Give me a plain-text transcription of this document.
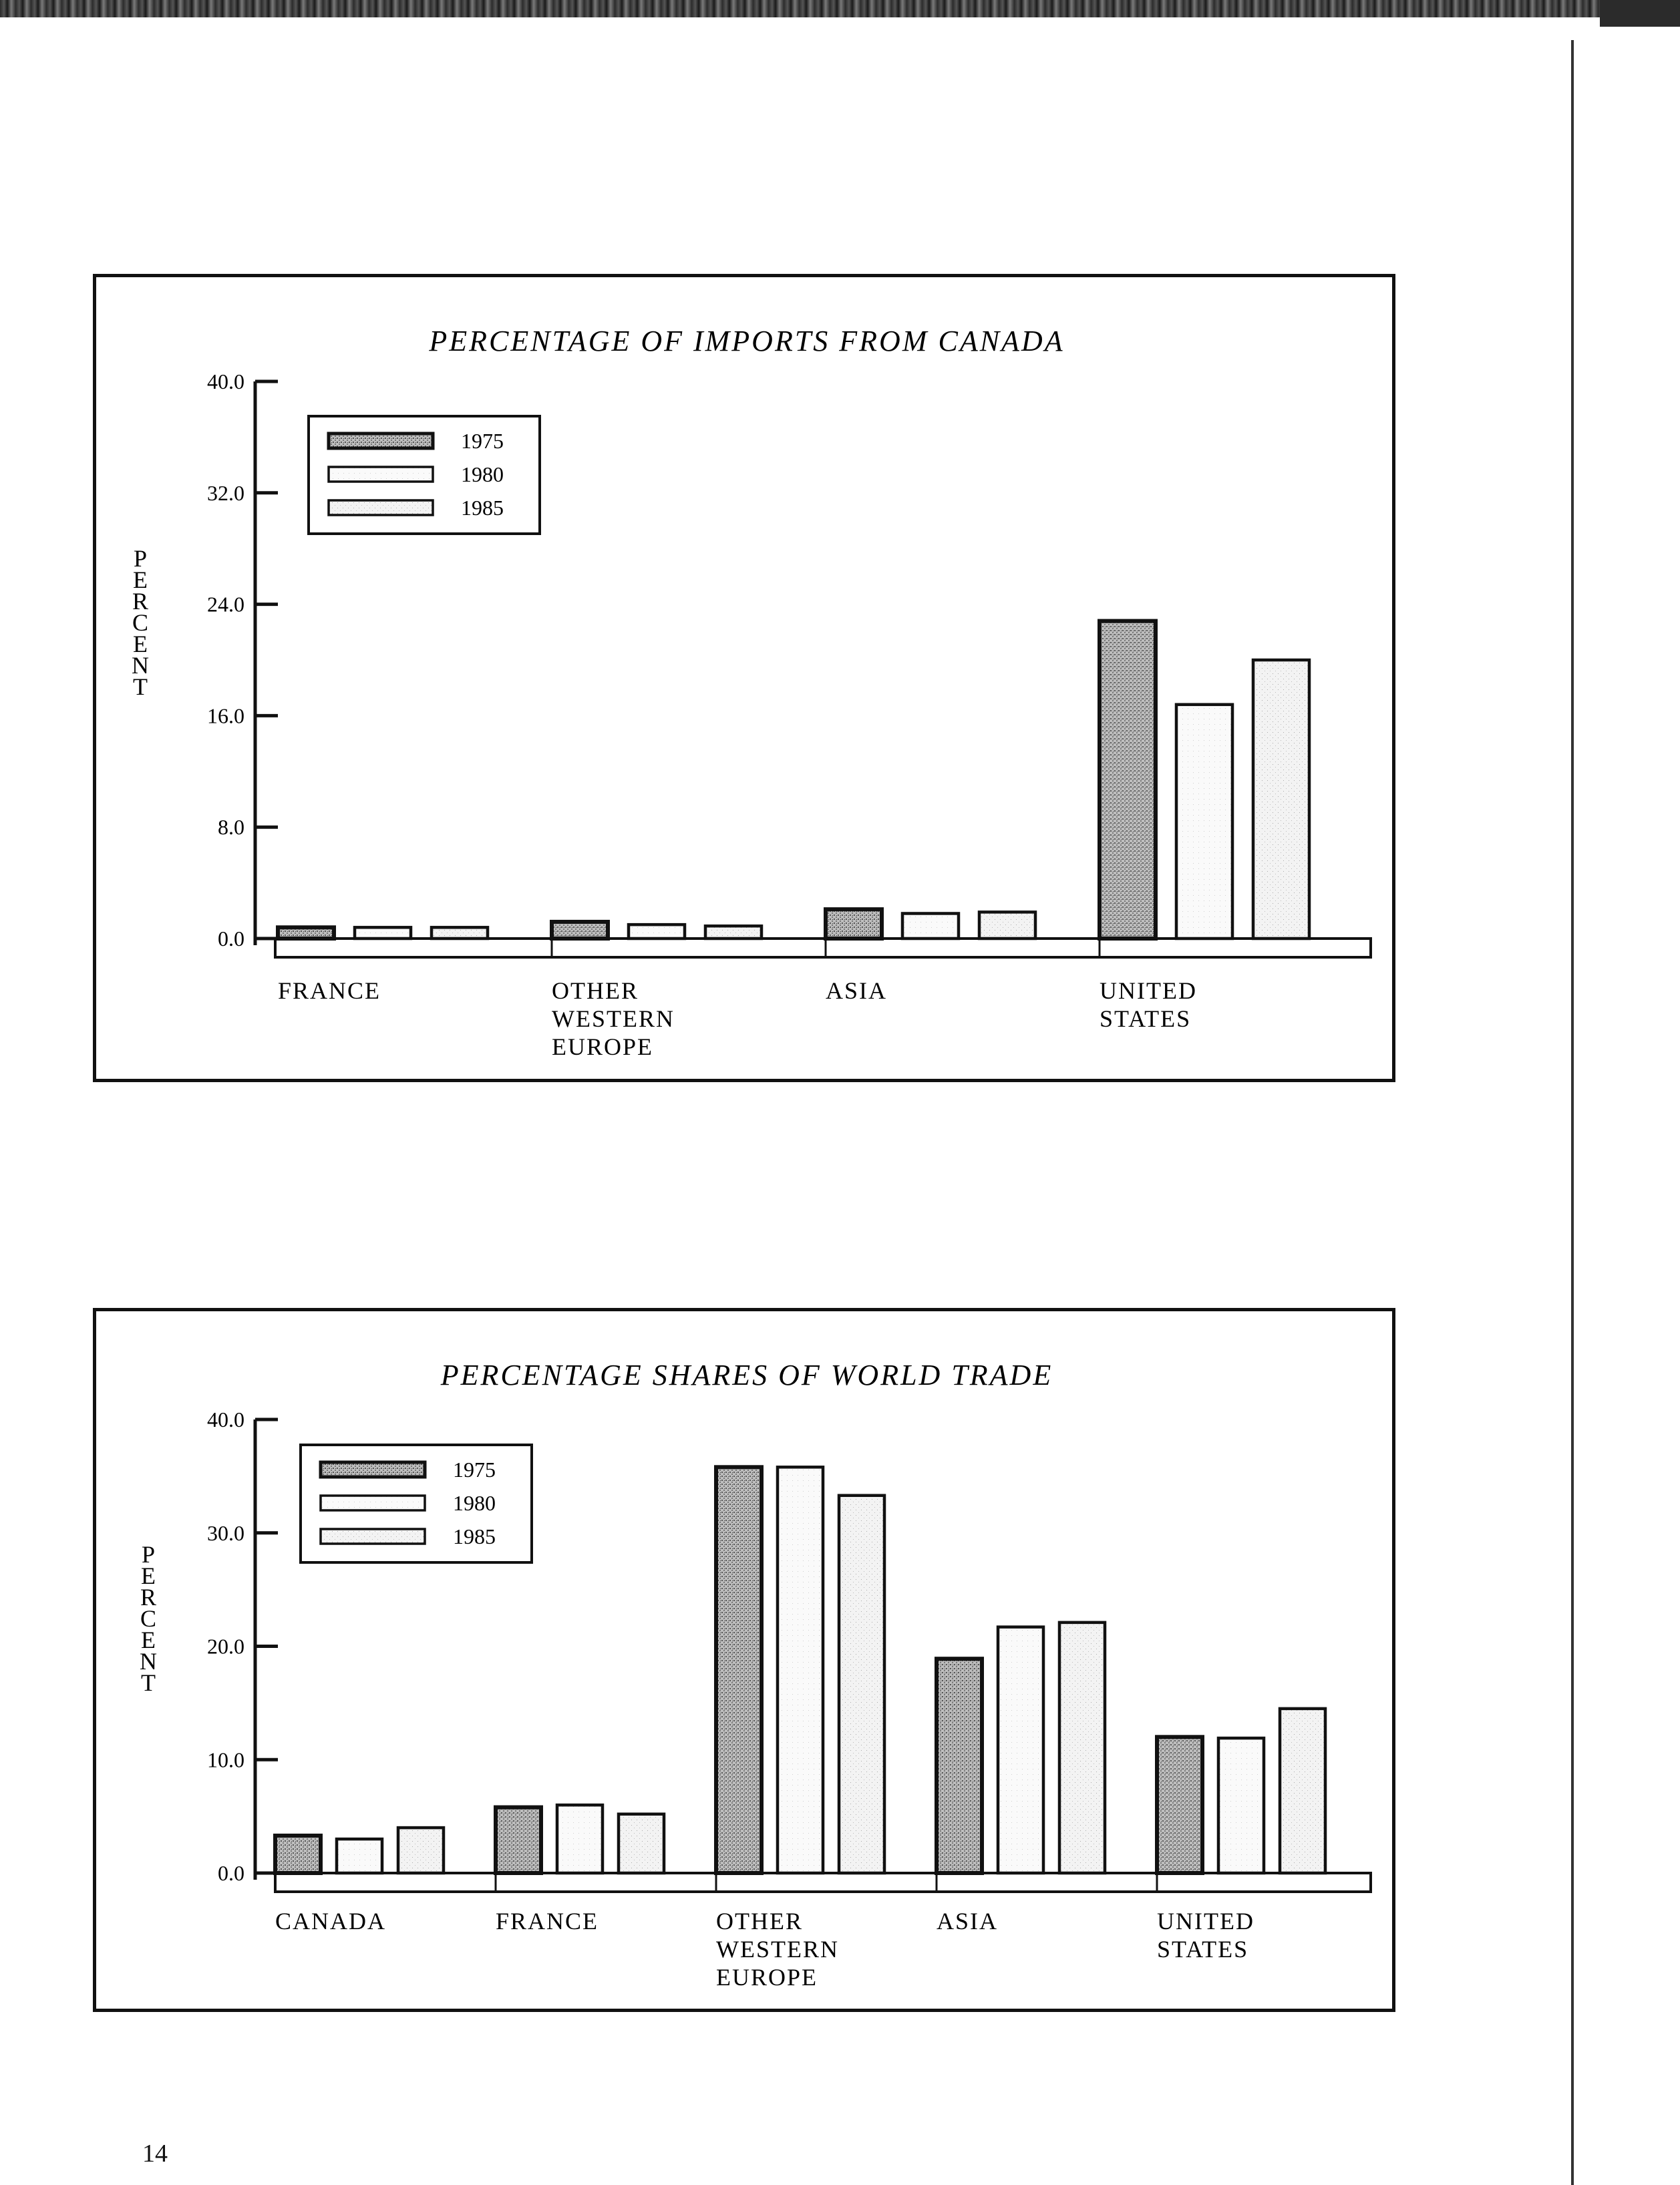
PERCENTAGE OF IMPORTS FROM CANADA
P
E
R
C
E
N
T
0.0
8.0
16.0
24.0
32.0
40.0
FRANCE	OTHER WESTERN EUROPE
ASIA	UNITED STATES
1975
1980
1985
PERCENTAGE SHARES OF WORLD TRADE
P
E
R
C
E
N
T
0.0
10.0
20.0
30.0
40.0
CANADA	FRANCE	OTHER WESTERN EUROPE
ASIA	UNITED STATES
1975
1980
1985
14
